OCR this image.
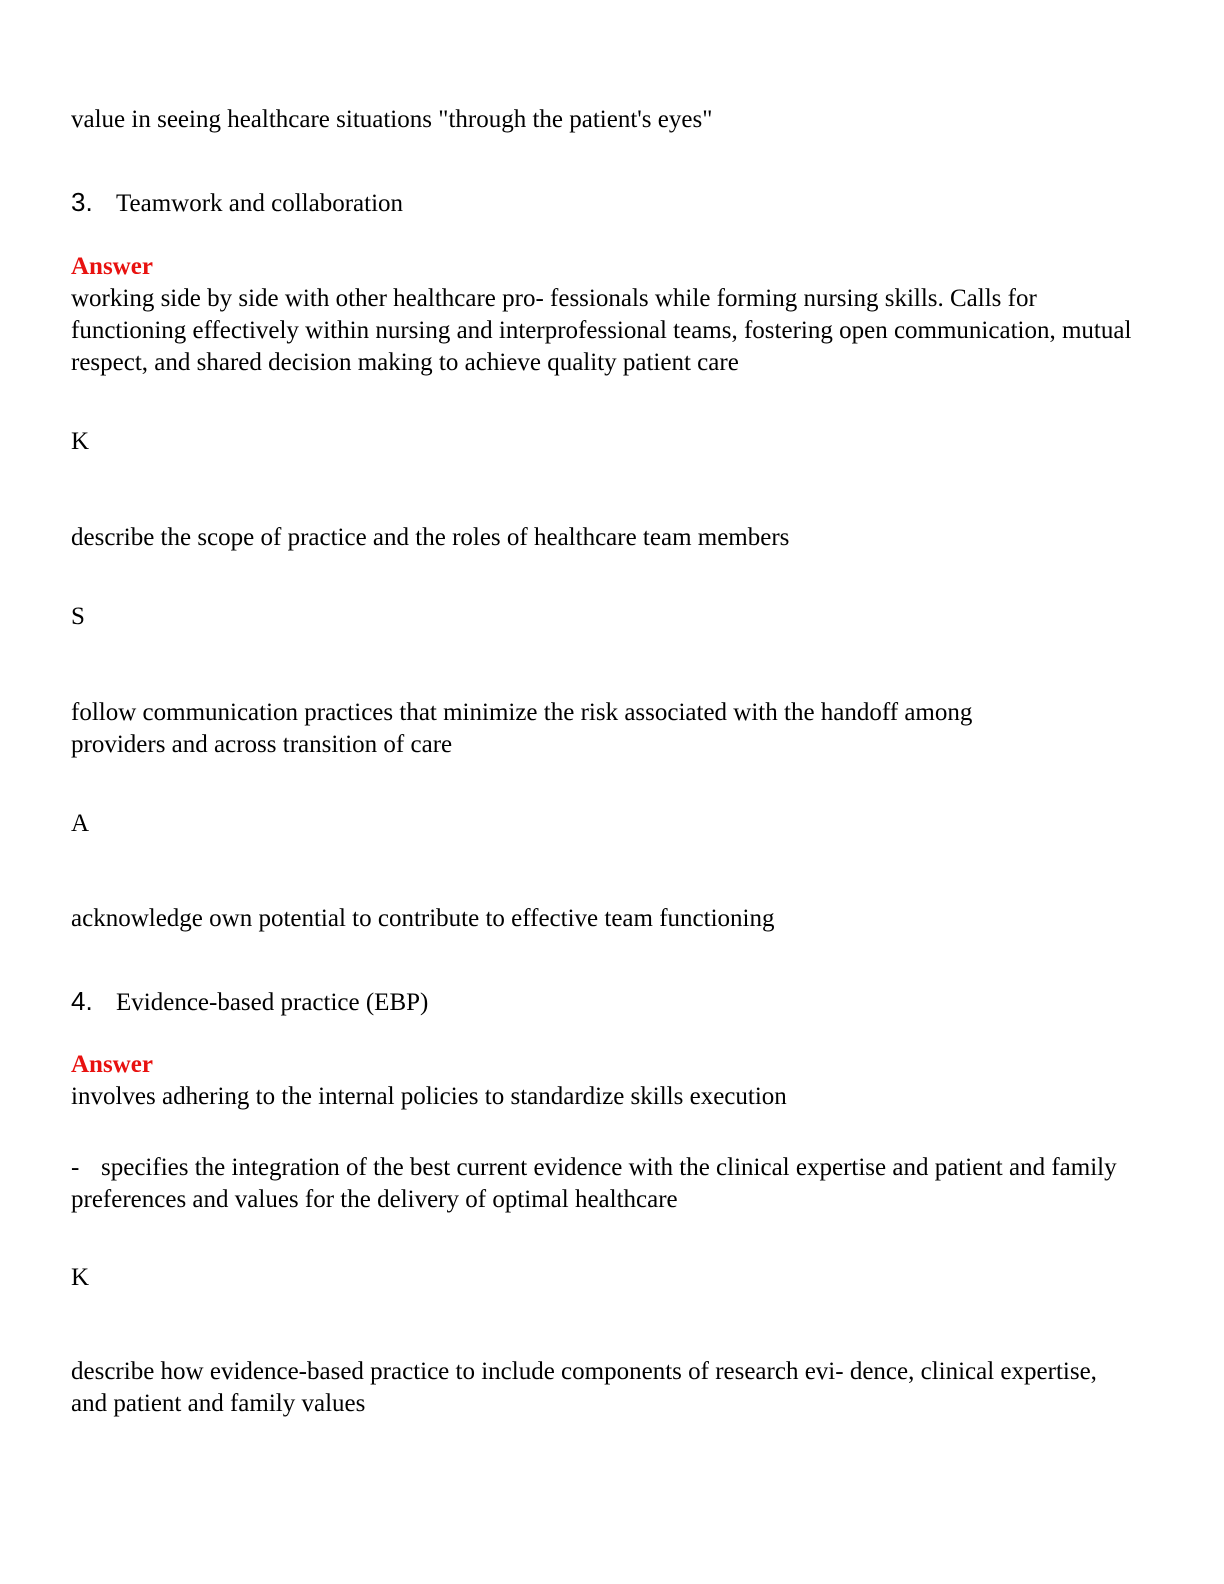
value in seeing healthcare situations "through the patient's eyes"
3. Teamwork and collaboration
Answer
working side by side with other healthcare pro- fessionals while forming nursing skills. Calls for functioning effectively within nursing and interprofessional teams, fostering open communication, mutual respect, and shared decision making to achieve quality patient care
K
describe the scope of practice and the roles of healthcare team members
S
follow communication practices that minimize the risk associated with the handoff among providers and across transition of care
A
acknowledge own potential to contribute to effective team functioning
4. Evidence-based practice (EBP)
Answer
involves adhering to the internal policies to standardize skills execution
- specifies the integration of the best current evidence with the clinical expertise and patient and family preferences and values for the delivery of optimal healthcare
K
describe how evidence-based practice to include components of research evi- dence, clinical expertise, and patient and family values
